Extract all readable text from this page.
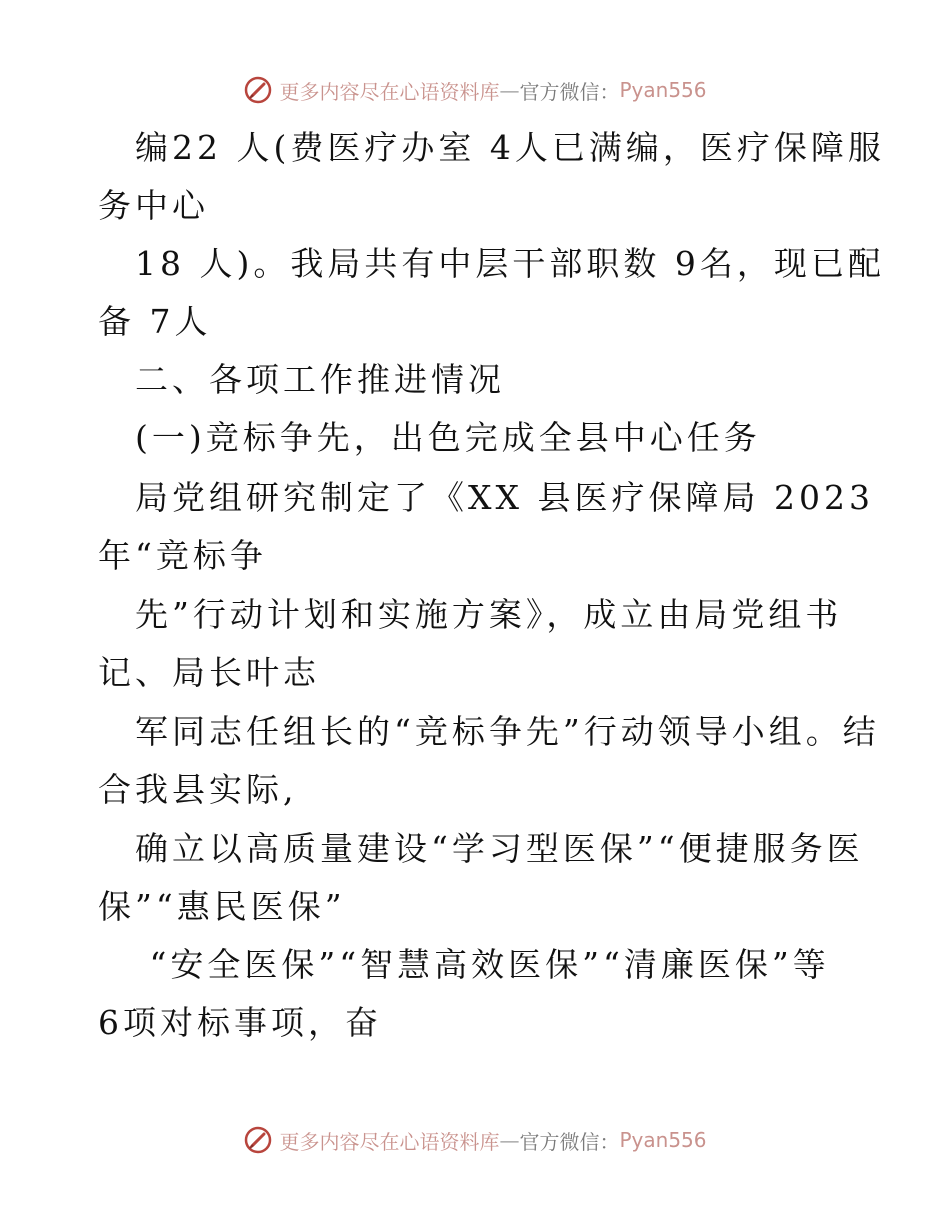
更多内容尽在心语资料库 — 官方微信： Pyan556
编22 人(费医疗办室 4人已满编，医疗保障服
务中心
18 人)。我局共有中层干部职数 9名，现已配
备 7人
二、各项工作推进情况
(一)竞标争先，出色完成全县中心任务
局党组研究制定了《XX 县医疗保障局 2023
年“竞标争
先”行动计划和实施方案》，成立由局党组书
记、局长叶志
军同志任组长的“竞标争先”行动领导小组。结
合我县实际,
确立以高质量建设“学习型医保”“便捷服务医
保”“惠民医保”
“安全医保”“智慧高效医保”“清廉医保”等
6项对标事项，奋
更多内容尽在心语资料库 — 官方微信： Pyan556
